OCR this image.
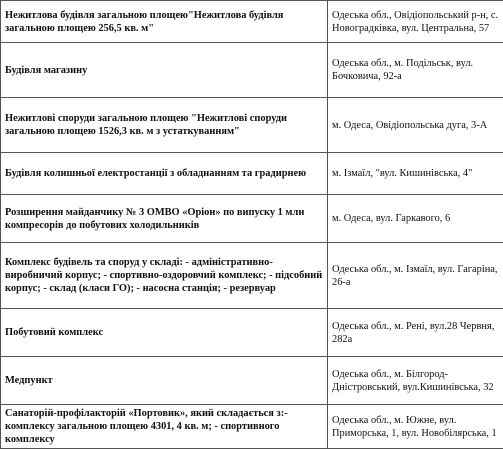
Нежитлова будівля загальною площею"Нежитлова будівля загальною площею 256,5 кв. м"	Одеська обл., Овідіопольський р-н, с. Новоградківка, вул. Центральна, 57
Будівля магазину	Одеська обл., м. Подільськ, вул. Бочковича, 92-а
Нежитлові споруди загальною площею "Нежитлові споруди загальною площею 1526,3 кв. м з устаткуванням"	м. Одеса, Овідіопольська дуга, 3-А
Будівля колишньої електростанції з обладнанням та градирнею	м. Ізмаїл, "вул. Кишинівська, 4"
Розширення майданчику № 3 ОМВО «Оріон» по випуску 1 млн компресорів до побутових холодильників	м. Одеса, вул. Гаркавого, 6
Комплекс будівель та споруд у складі: - адміністративно-виробничий корпус; - спортивно-оздоровчий комплекс; - підсобний корпус; - склад (класи ГО); - насосна станція; - резервуар	Одеська обл., м. Ізмаїл, вул. Гагаріна, 26-а
Побутовий комплекс	Одеська обл., м. Рені, вул.28 Червня, 282а
Медпункт	Одеська обл., м. Білгород-Дністровський, вул.Кишинівська, 32
Санаторій-профілакторій «Портовик», який складається з:- комплексу загальною площею 4301, 4 кв. м; - спортивного комплексу	Одеська обл., м. Южне, вул. Приморська, 1, вул. Новобілярська, 1
